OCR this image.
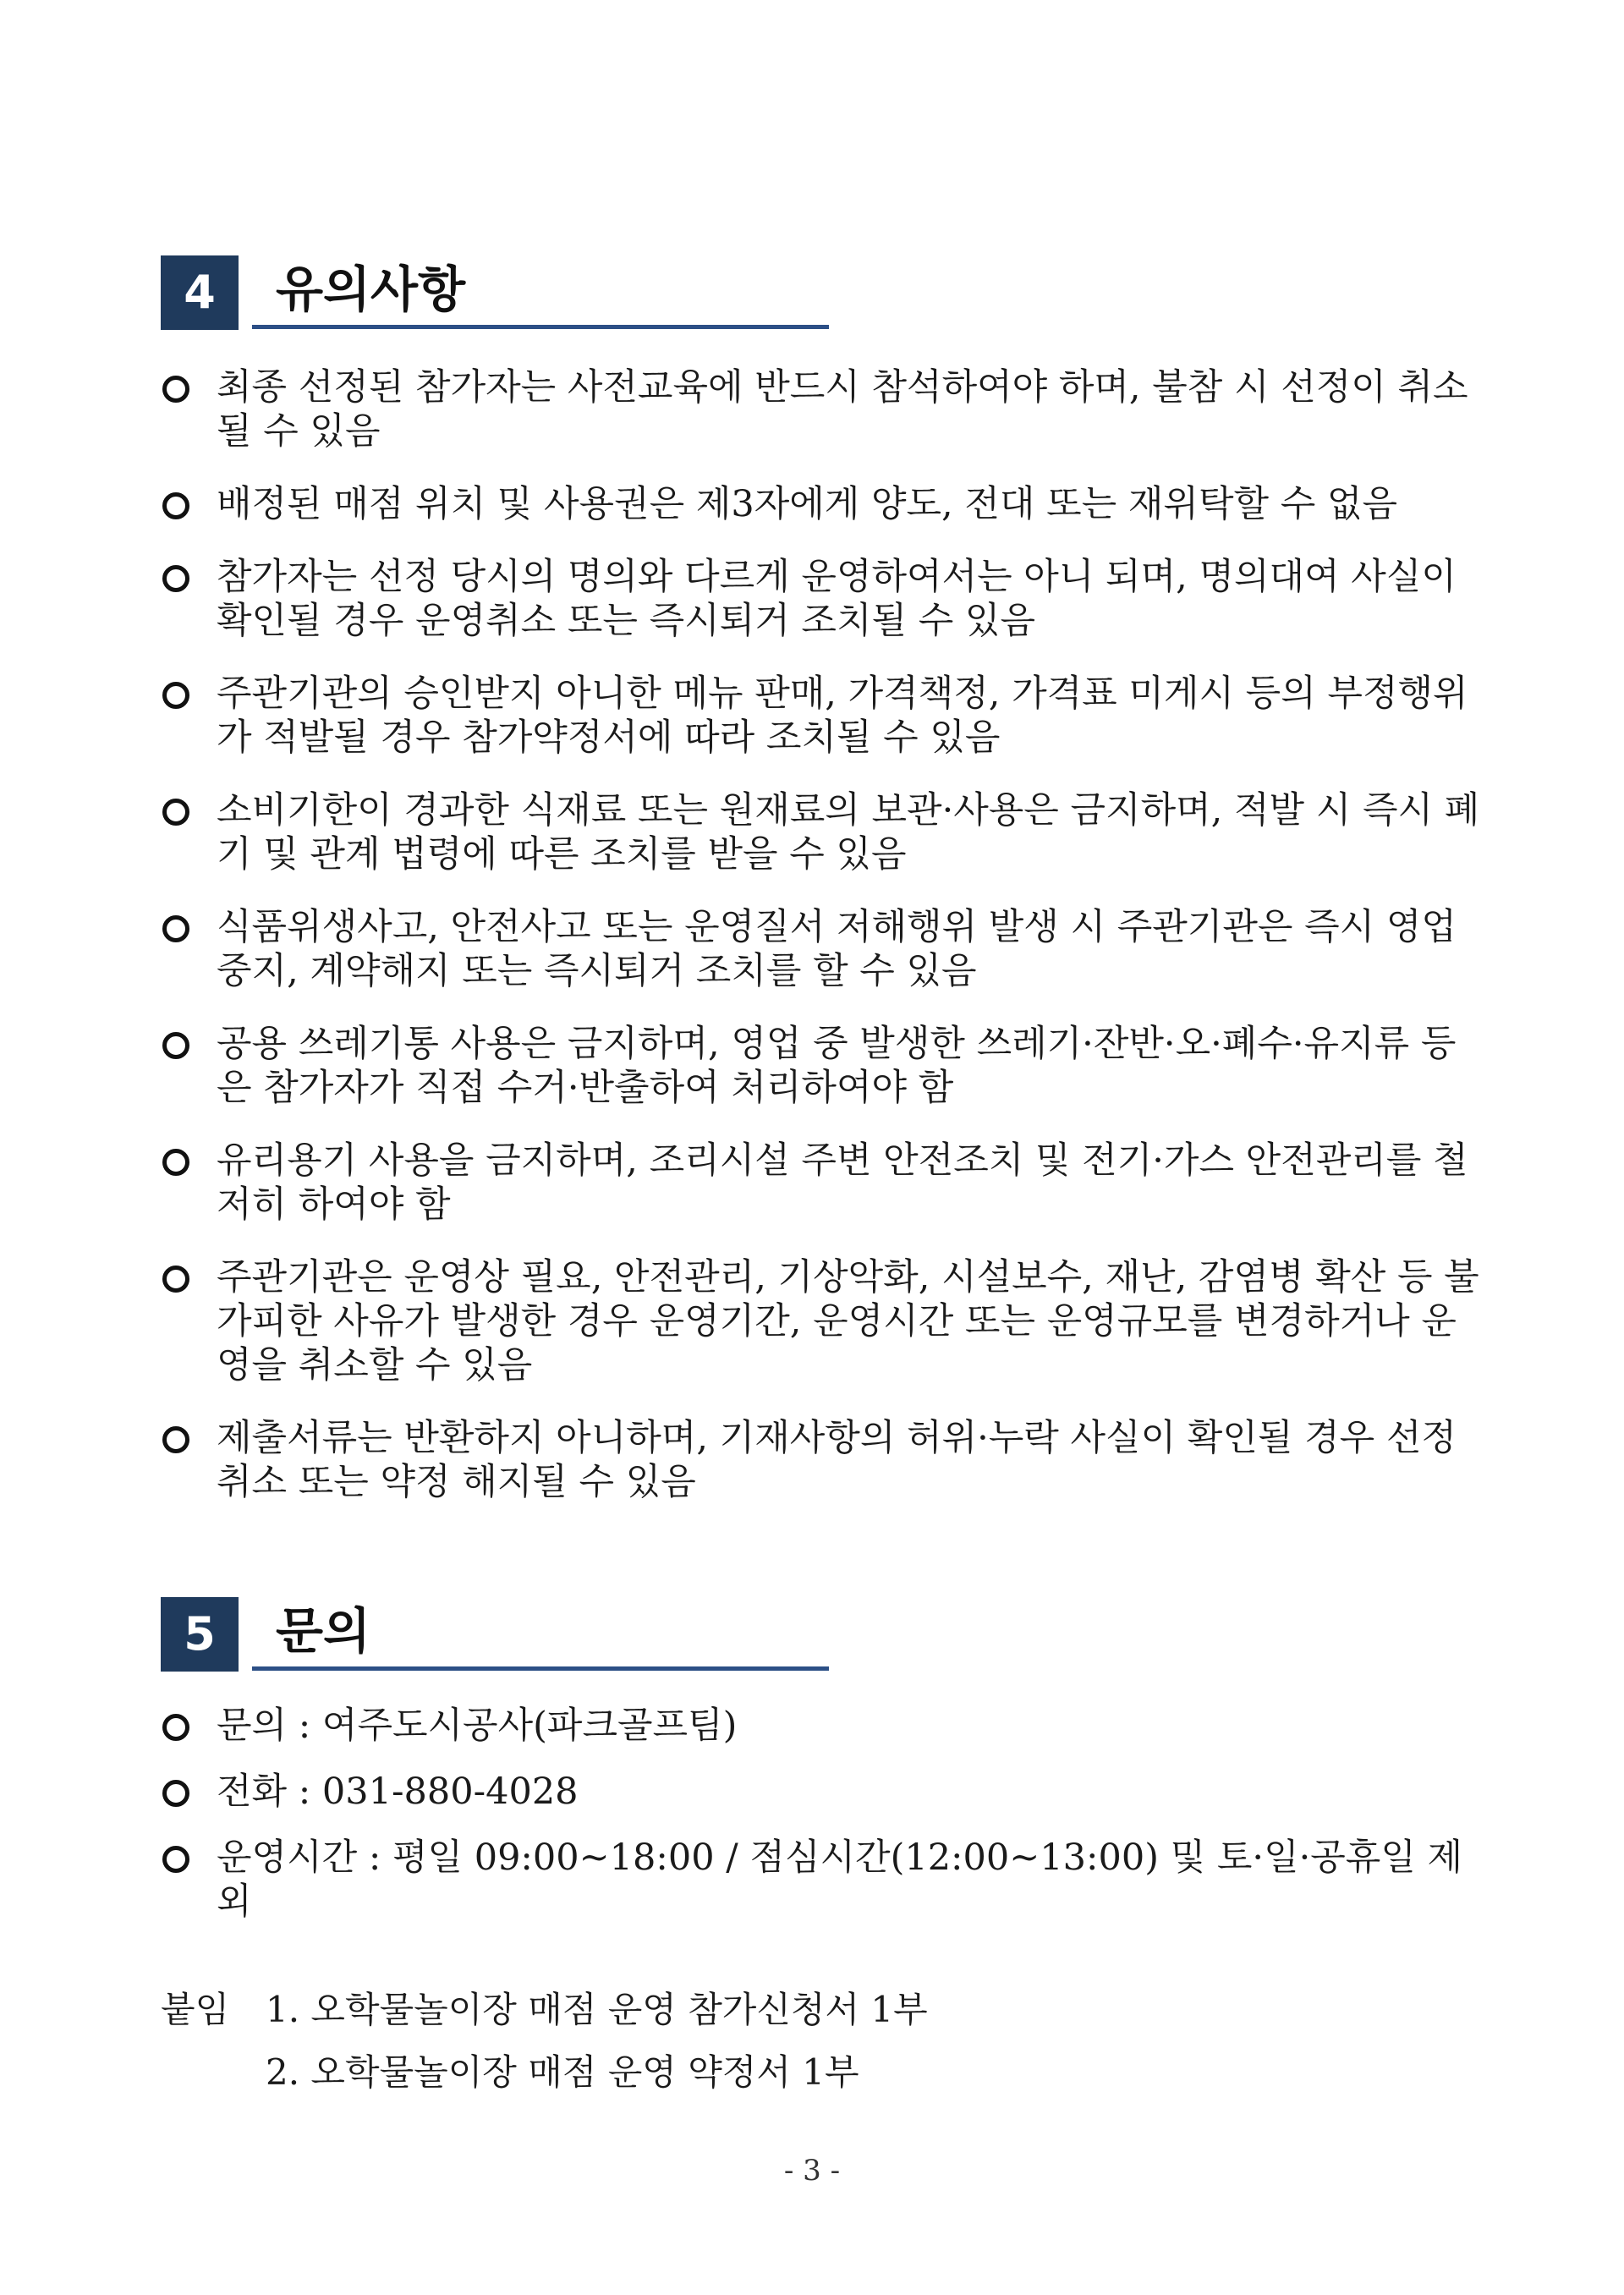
4	유의사항
최종 선정된 참가자는 사전교육에 반드시 참석하여야 하며, 불참 시 선정이 취소될 수 있음
배정된 매점 위치 및 사용권은 제3자에게 양도, 전대 또는 재위탁할 수 없음
참가자는 선정 당시의 명의와 다르게 운영하여서는 아니 되며, 명의대여 사실이 확인될 경우 운영취소 또는 즉시퇴거 조치될 수 있음
주관기관의 승인받지 아니한 메뉴 판매, 가격책정, 가격표 미게시 등의 부정행위가 적발될 경우 참가약정서에 따라 조치될 수 있음
소비기한이 경과한 식재료 또는 원재료의 보관·사용은 금지하며, 적발 시 즉시 폐기 및 관계 법령에 따른 조치를 받을 수 있음
식품위생사고, 안전사고 또는 운영질서 저해행위 발생 시 주관기관은 즉시 영업중지, 계약해지 또는 즉시퇴거 조치를 할 수 있음
공용 쓰레기통 사용은 금지하며, 영업 중 발생한 쓰레기·잔반·오·폐수·유지류 등은 참가자가 직접 수거·반출하여 처리하여야 함
유리용기 사용을 금지하며, 조리시설 주변 안전조치 및 전기·가스 안전관리를 철저히 하여야 함
주관기관은 운영상 필요, 안전관리, 기상악화, 시설보수, 재난, 감염병 확산 등 불가피한 사유가 발생한 경우 운영기간, 운영시간 또는 운영규모를 변경하거나 운영을 취소할 수 있음
제출서류는 반환하지 아니하며, 기재사항의 허위·누락 사실이 확인될 경우 선정 취소 또는 약정 해지될 수 있음
5	문의
문의 : 여주도시공사(파크골프팀)
전화 : 031-880-4028
운영시간 : 평일 09:00~18:00 / 점심시간(12:00~13:00) 및 토·일·공휴일 제외
붙임 1. 오학물놀이장 매점 운영 참가신청서 1부
2. 오학물놀이장 매점 운영 약정서 1부
- 3 -
